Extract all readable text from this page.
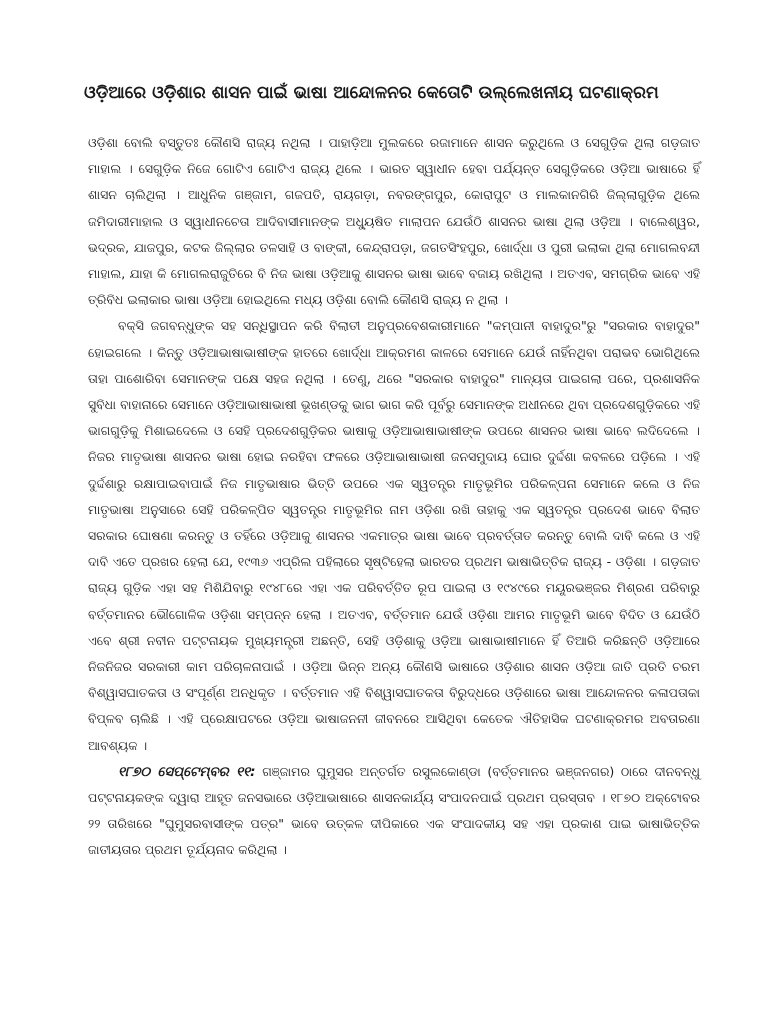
ଓଡ଼ିଆରେ ଓଡ଼ିଶାର ଶାସନ ପାଇଁ ଭାଷା ଆନ୍ଦୋଳନର କେତୋଟି ଉଲ୍ଲେଖନୀୟ ଘଟଣାକ୍ରମ

ଓଡ଼ିଶା ବୋଲି ବସ୍ତୁତଃ କୌଣସି ରାଜ୍ୟ ନଥିଲା । ପାହାଡ଼ିଆ ମୁଲକରେ ରଜାମାନେ ଶାସନ କରୁଥିଲେ ଓ ସେଗୁଡ଼ିକ ଥିଲା ଗଡ଼ଜାତ ମାହାଲ । ସେଗୁଡ଼ିକ ନିଜେ ଗୋଟିଏ ଗୋଟିଏ ରାଜ୍ୟ ଥିଲେ । ଭାରତ ସ୍ୱାଧୀନ ହେବା ପର୍ଯ୍ୟନ୍ତ ସେଗୁଡ଼ିକରେ ଓଡ଼ିଆ ଭାଷାରେ ହିଁ ଶାସନ ଚାଲିଥିଲା । ଆଧୁନିକ ଗଞ୍ଜାମ, ଗଜପତି, ରାୟଗଡ଼ା, ନବରଙ୍ଗପୁର, କୋରାପୁଟ ଓ ମାଲକାନଗିରି ଜିଲ୍ଲାଗୁଡ଼ିକ ଥିଲେ ଜମିଦାରୀମାହାଲ ଓ ସ୍ୱାଧୀନଚେତା ଆଦିବାସୀମାନଙ୍କ ଅଧ୍ୟୁଷିତ ମାଲାପନ ଯେଉଁଠି ଶାସନର ଭାଷା ଥିଲା ଓଡ଼ିଆ । ବାଲେଶ୍ୱର, ଭଦ୍ରକ, ଯାଜପୁର, କଟକ ଜିଲ୍ଲାର ତଳସାହି ଓ ବାଙ୍କୀ, କେନ୍ଦ୍ରାପଡ଼ା, ଜଗତସିଂହପୁର, ଖୋର୍ଦ୍ଧା ଓ ପୁରୀ ଇଲାକା ଥିଲା ମୋଗଲବନ୍ଦୀ ମାହାଲ, ଯାହା କି ମୋଗଲରାଜୁତିରେ ବି ନିଜ ଭାଷା ଓଡ଼ିଆକୁ ଶାସନର ଭାଷା ଭାବେ ବଜାୟ ରଖିଥିଲା । ଅତଏବ, ସମଗ୍ରିକ ଭାବେ ଏହି ତ୍ରିବିଧ ଇଲାକାର ଭାଷା ଓଡ଼ିଆ ହୋଇଥିଲେ ମଧ୍ୟ ଓଡ଼ିଶା ବୋଲି କୌଣସି ରାଜ୍ୟ ନ ଥିଲା ।

ବକ୍ସି ଜଗବନ୍ଧୁଙ୍କ ସହ ସନ୍ଧିସ୍ଥାପନ କରି ବିଲାତୀ ଅନୁପ୍ରବେଶକାରୀମାନେ "କମ୍ପାନୀ ବାହାଦୁର"ରୁ "ସରକାର ବାହାଦୁର" ହୋଇଗଲେ । କିନ୍ତୁ ଓଡ଼ିଆଭାଷାଭାଷୀଙ୍କ ହାତରେ ଖୋର୍ଦ୍ଧା ଆକ୍ରମଣ କାଳରେ ସେମାନେ ଯେଉଁ ନାହିଁନଥିବା ପରାଭବ ଭୋଗିଥିଲେ ତାହା ପାଶୋରିବା ସେମାନଙ୍କ ପକ୍ଷେ ସହଜ ନଥିଲା । ତେଣୁ, ଥରେ "ସରକାର ବାହାଦୁର" ମାନ୍ୟତା ପାଇଗଲା ପରେ, ପ୍ରଶାସନିକ ସୁବିଧା ବାହାନାରେ ସେମାନେ ଓଡ଼ିଆଭାଷାଭାଷୀ ଭୂଖଣ୍ଡକୁ ଭାଗ ଭାଗ କରି ପୂର୍ବରୁ ସେମାନଙ୍କ ଅଧୀନରେ ଥିବା ପ୍ରଦେଶଗୁଡ଼ିକରେ ଏହି ଭାଗଗୁଡ଼ିକୁ ମିଶାଇଦେଲେ ଓ ସେହି ପ୍ରଦେଶଗୁଡ଼ିକର ଭାଷାକୁ ଓଡ଼ିଆଭାଷାଭାଷୀଙ୍କ ଉପରେ ଶାସନର ଭାଷା ଭାବେ ଲଦିଦେଲେ । ନିଜର ମାତୃଭାଷା ଶାସନର ଭାଷା ହୋଇ ନରହିବା ଫଳରେ ଓଡ଼ିଆଭାଷାଭାଷୀ ଜନସମୁଦାୟ ଘୋର ଦୁର୍ଦ୍ଦଶା କବଳରେ ପଡ଼ିଲେ । ଏହି ଦୁର୍ଦ୍ଦଶାରୁ ରକ୍ଷାପାଇବାପାଇଁ ନିଜ ମାତୃଭାଷାର ଭିତ୍ତି ଉପରେ ଏକ ସ୍ୱତନ୍ତ୍ର ମାତୃଭୂମିର ପରିକଳ୍ପନା ସେମାନେ କଲେ ଓ ନିଜ ମାତୃଭାଷା ଅନୁସାରେ ସେହି ପରିକଳ୍ପିତ ସ୍ୱତନ୍ତ୍ର ମାତୃଭୂମିର ନାମ ଓଡ଼ିଶା ରଖି ତାହାକୁ ଏକ ସ୍ୱତନ୍ତ୍ର ପ୍ରଦେଶ ଭାବେ ବିଲାତ ସରକାର ଘୋଷଣା କରନ୍ତୁ ଓ ତହିଁରେ ଓଡ଼ିଆକୁ ଶାସନର ଏକମାତ୍ର ଭାଷା ଭାବେ ପ୍ରବର୍ତ୍ତାତ କରନ୍ତୁ ବୋଲି ଦାବି କଲେ ଓ ଏହି ଦାବି ଏତେ ପ୍ରଖର ହେଲା ଯେ, ୧୯୩୬ ଏପ୍ରିଲ ପହିଲାରେ ସୃଷ୍ଟିହେଲା ଭାରତର ପ୍ରଥମ ଭାଷାଭିତ୍ତିକ ରାଜ୍ୟ - ଓଡ଼ିଶା । ଗଡ଼ଜାତ ରାଜ୍ୟ ଗୁଡ଼ିକ ଏହା ସହ ମିଶିଯିବାରୁ ୧୯୪୮ରେ ଏହା ଏକ ପରିବର୍ତ୍ତିତ ରୂପ ପାଇଲା ଓ ୧୯୪୯ରେ ମୟୂରଭଞ୍ଜର ମିଶ୍ରଣ ପରିବାରୁ ବର୍ତ୍ତମାନର ଭୌଗୋଳିକ ଓଡ଼ିଶା ସମ୍ପନ୍ନ ହେଲା । ଅତଏବ, ବର୍ତ୍ତମାନ ଯେଉଁ ଓଡ଼ିଶା ଆମର ମାତୃଭୂମି ଭାବେ ବିଦିତ ଓ ଯେଉଁଠି ଏବେ ଶ୍ରୀ ନବୀନ ପଟ୍ଟନାୟକ ମୁଖ୍ୟମନ୍ତ୍ରୀ ଅଛନ୍ତି, ସେହି ଓଡ଼ିଶାକୁ ଓଡ଼ିଆ ଭାଷାଭାଷୀମାନେ ହିଁ ତିଆରି କରିଛନ୍ତି ଓଡ଼ିଆରେ ନିଜନିଜର ସରକାରୀ କାମ ପରିଚାଳନାପାଇଁ । ଓଡ଼ିଆ ଭିନ୍ନ ଅନ୍ୟ କୌଣସି ଭାଷାରେ ଓଡ଼ିଶାର ଶାସନ ଓଡ଼ିଆ ଜାତି ପ୍ରତି ଚରମ ବିଶ୍ୱାସଘାତକତା ଓ ସଂପୂର୍ଣ୍ଣ ଅନଧିକୃତ । ବର୍ତ୍ତମାନ ଏହି ବିଶ୍ୱାସଘାତକତା ବିରୁଦ୍ଧରେ ଓଡ଼ିଶାରେ ଭାଷା ଆନ୍ଦୋଳନର କଳାପତାକା ବିପ୍ଳବ ଚାଲିଛି । ଏହି ପ୍ରେକ୍ଷାପଟରେ ଓଡ଼ିଆ ଭାଷାଜନନୀ ଜୀବନରେ ଆସିଥିବା କେତେକ ଐତିହାସିକ ଘଟଣାକ୍ରମର ଅବତାରଣା ଆବଶ୍ୟକ ।

୧୮୭୦ ସେପ୍ଟେମ୍ବର ୧୧: ଗଞ୍ଜାମର ଘୁମୁସର ଅନ୍ତର୍ଗତ ରସୁଲକୋଣ୍ଡା (ବର୍ତ୍ତମାନର ଭଞ୍ଜନଗର) ଠାରେ ଦୀନବନ୍ଧୁ ପଟ୍ଟନାୟକଙ୍କ ଦ୍ୱାରା ଆହୂତ ଜନସଭାରେ ଓଡ଼ିଆଭାଷାରେ ଶାସନକାର୍ଯ୍ୟ ସଂପାଦନପାଇଁ ପ୍ରଥମ ପ୍ରସ୍ତାବ । ୧୮୭୦ ଅକ୍ଟୋବର ୨୨ ତାରିଖରେ "ଘୁମୁସରବାସୀଙ୍କ ପତ୍ର" ଭାବେ ଉତ୍କଳ ଦୀପିକାରେ ଏକ ସଂପାଦକୀୟ ସହ ଏହା ପ୍ରକାଶ ପାଇ ଭାଷାଭିତ୍ତିକ ଜାତୀୟତାର ପ୍ରଥମ ତୂର୍ଯ୍ୟନାଦ କରିଥିଲା ।
